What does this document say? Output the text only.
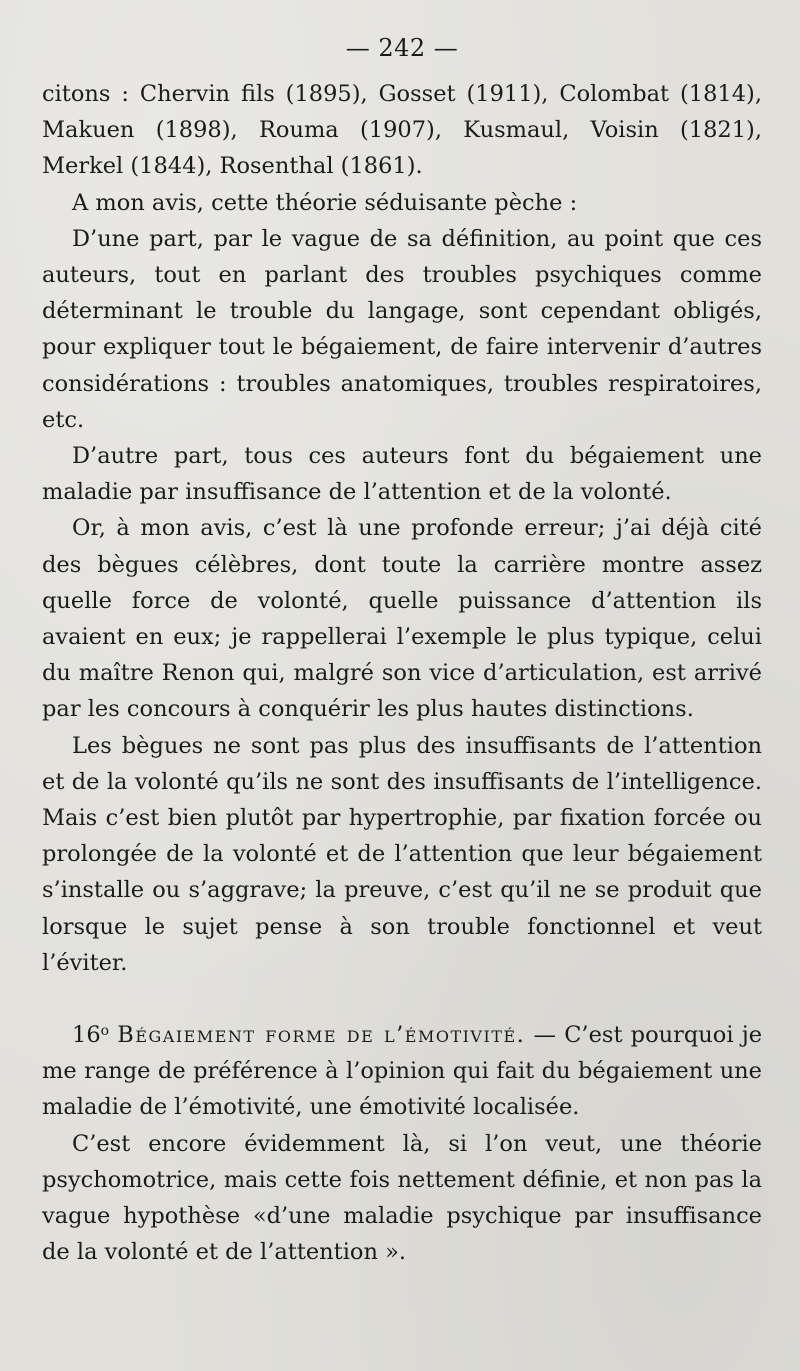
— 242 —

citons : Chervin fils (1895), Gosset (1911), Colombat (1814), Makuen (1898), Rouma (1907), Kusmaul, Voisin (1821), Merkel (1844), Rosenthal (1861).

A mon avis, cette théorie séduisante pèche :

D’une part, par le vague de sa définition, au point que ces auteurs, tout en parlant des troubles psychiques comme déterminant le trouble du langage, sont cependant obligés, pour expliquer tout le bégaiement, de faire intervenir d’autres considérations : troubles anatomiques, troubles respiratoires, etc.

D’autre part, tous ces auteurs font du bégaiement une maladie par insuffisance de l’attention et de la volonté.

Or, à mon avis, c’est là une profonde erreur; j’ai déjà cité des bègues célèbres, dont toute la carrière montre assez quelle force de volonté, quelle puissance d’attention ils avaient en eux; je rappellerai l’exemple le plus typique, celui du maître Renon qui, malgré son vice d’articulation, est arrivé par les concours à conquérir les plus hautes distinctions.

Les bègues ne sont pas plus des insuffisants de l’attention et de la volonté qu’ils ne sont des insuffisants de l’intelligence. Mais c’est bien plutôt par hypertrophie, par fixation forcée ou prolongée de la volonté et de l’attention que leur bégaiement s’installe ou s’aggrave; la preuve, c’est qu’il ne se produit que lorsque le sujet pense à son trouble fonctionnel et veut l’éviter.

16$^o$ Bégaiement forme de l’émotivité. — C’est pourquoi je me range de préférence à l’opinion qui fait du bégaiement une maladie de l’émotivité, une émotivité localisée.

C’est encore évidemment là, si l’on veut, une théorie psychomotrice, mais cette fois nettement définie, et non pas la vague hypothèse «d’une maladie psychique par insuffisance de la volonté et de l’attention ».
